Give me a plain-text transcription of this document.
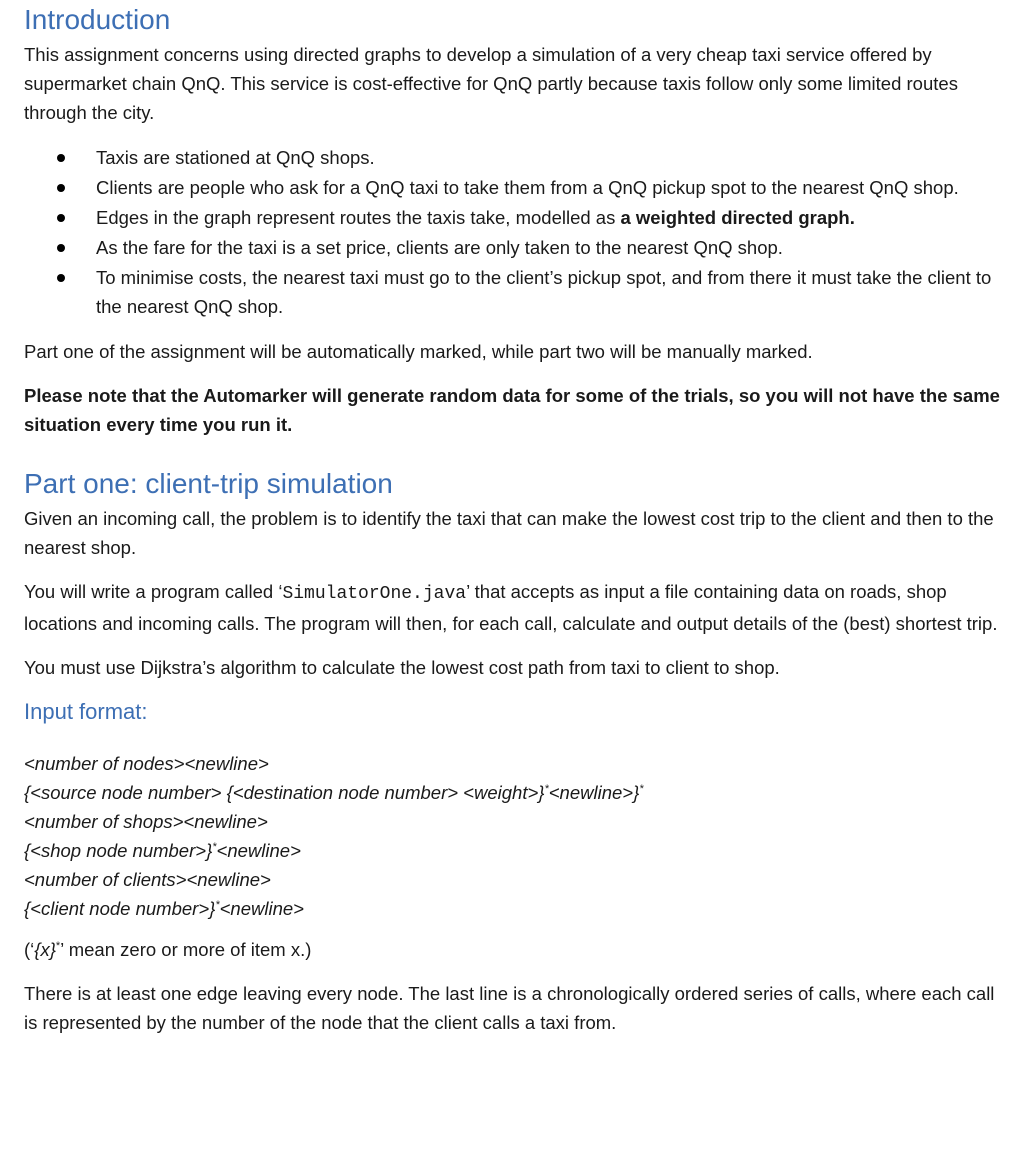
Introduction

This assignment concerns using directed graphs to develop a simulation of a very cheap taxi service offered by supermarket chain QnQ. This service is cost-effective for QnQ partly because taxis follow only some limited routes through the city.

Taxis are stationed at QnQ shops.
Clients are people who ask for a QnQ taxi to take them from a QnQ pickup spot to the nearest QnQ shop.
Edges in the graph represent routes the taxis take, modelled as a weighted directed graph.
As the fare for the taxi is a set price, clients are only taken to the nearest QnQ shop.
To minimise costs, the nearest taxi must go to the client’s pickup spot, and from there it must take the client to the nearest QnQ shop.

Part one of the assignment will be automatically marked, while part two will be manually marked.

Please note that the Automarker will generate random data for some of the trials, so you will not have the same situation every time you run it.

Part one: client-trip simulation

Given an incoming call, the problem is to identify the taxi that can make the lowest cost trip to the client and then to the nearest shop.

You will write a program called ‘SimulatorOne.java’ that accepts as input a file containing data on roads, shop locations and incoming calls. The program will then, for each call, calculate and output details of the (best) shortest trip.

You must use Dijkstra’s algorithm to calculate the lowest cost path from taxi to client to shop.

Input format:
<number of nodes><newline>
{<source node number> {<destination node number> <weight>}*<newline>}*
<number of shops><newline>
{<shop node number>}*<newline>
<number of clients><newline>
{<client node number>}*<newline>

(‘{x}*’ mean zero or more of item x.)

There is at least one edge leaving every node. The last line is a chronologically ordered series of calls, where each call is represented by the number of the node that the client calls a taxi from.
